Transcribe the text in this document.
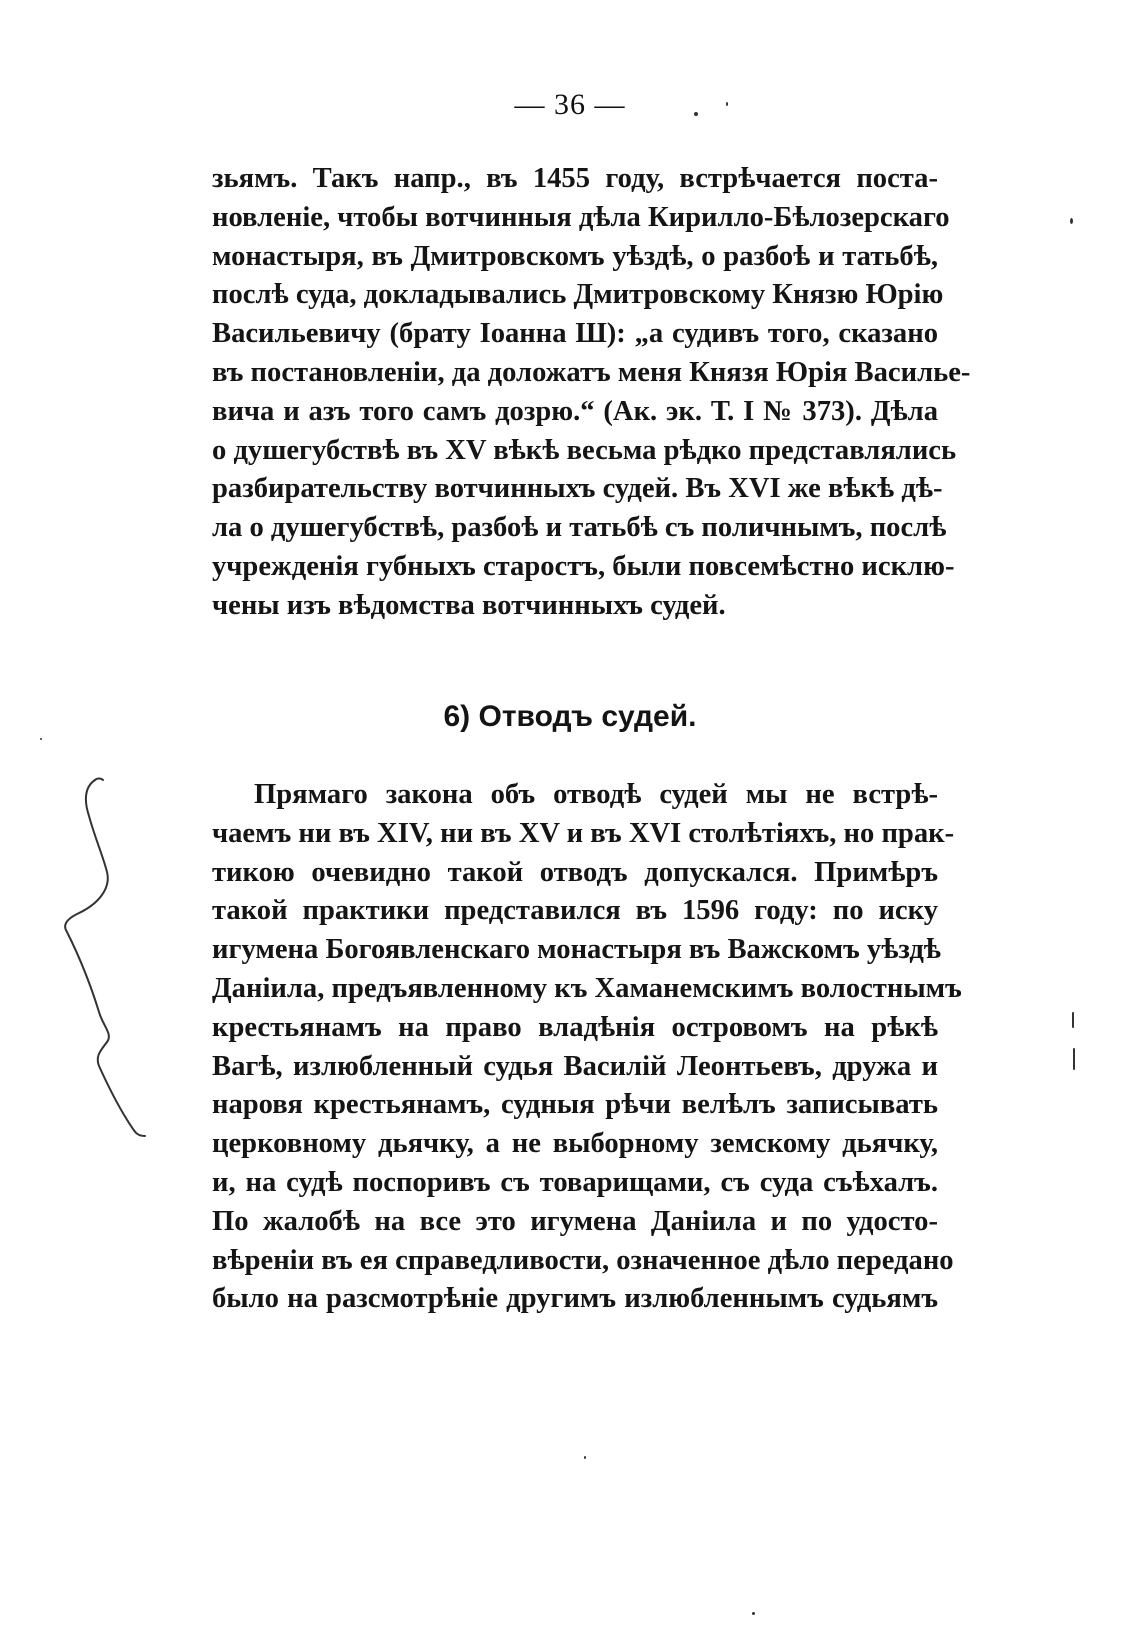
— 36 —
зьямъ. Такъ напр., въ 1455 году, встрѣчается поста-
новленіе, чтобы вотчинныя дѣла Кирилло-Бѣлозерскаго
монастыря, въ Дмитровскомъ уѣздѣ, о разбоѣ и татьбѣ,
послѣ суда, докладывались Дмитровскому Князю Юрію
Васильевичу (брату Іоанна Ш): „а судивъ того, сказано
въ постановленіи, да доложатъ меня Князя Юрія Василье-
вича и азъ того самъ дозрю.“ (Ак. эк. Т. I № 373). Дѣла
о душегубствѣ въ XV вѣкѣ весьма рѣдко представлялись
разбирательству вотчинныхъ судей. Въ XVI же вѣкѣ дѣ-
ла о душегубствѣ, разбоѣ и татьбѣ съ поличнымъ, послѣ
учрежденія губныхъ старостъ, были повсемѣстно исклю-
чены изъ вѣдомства вотчинныхъ судей.
6) Отводъ судей.
Прямаго закона объ отводѣ судей мы не встрѣ-
чаемъ ни въ XIV, ни въ XV и въ XVI столѣтіяхъ, но прак-
тикою очевидно такой отводъ допускался. Примѣръ
такой практики представился въ 1596 году: по иску
игумена Богоявленскаго монастыря въ Важскомъ уѣздѣ
Даніила, предъявленному къ Хаманемскимъ волостнымъ
крестьянамъ на право владѣнія островомъ на рѣкѣ
Вагѣ, излюбленный судья Василій Леонтьевъ, дружа и
наровя крестьянамъ, судныя рѣчи велѣлъ записывать
церковному дьячку, а не выборному земскому дьячку,
и, на судѣ поспоривъ съ товарищами, съ суда съѣхалъ.
По жалобѣ на все это игумена Даніила и по удосто-
вѣреніи въ ея справедливости, означенное дѣло передано
было на разсмотрѣніе другимъ излюбленнымъ судьямъ
